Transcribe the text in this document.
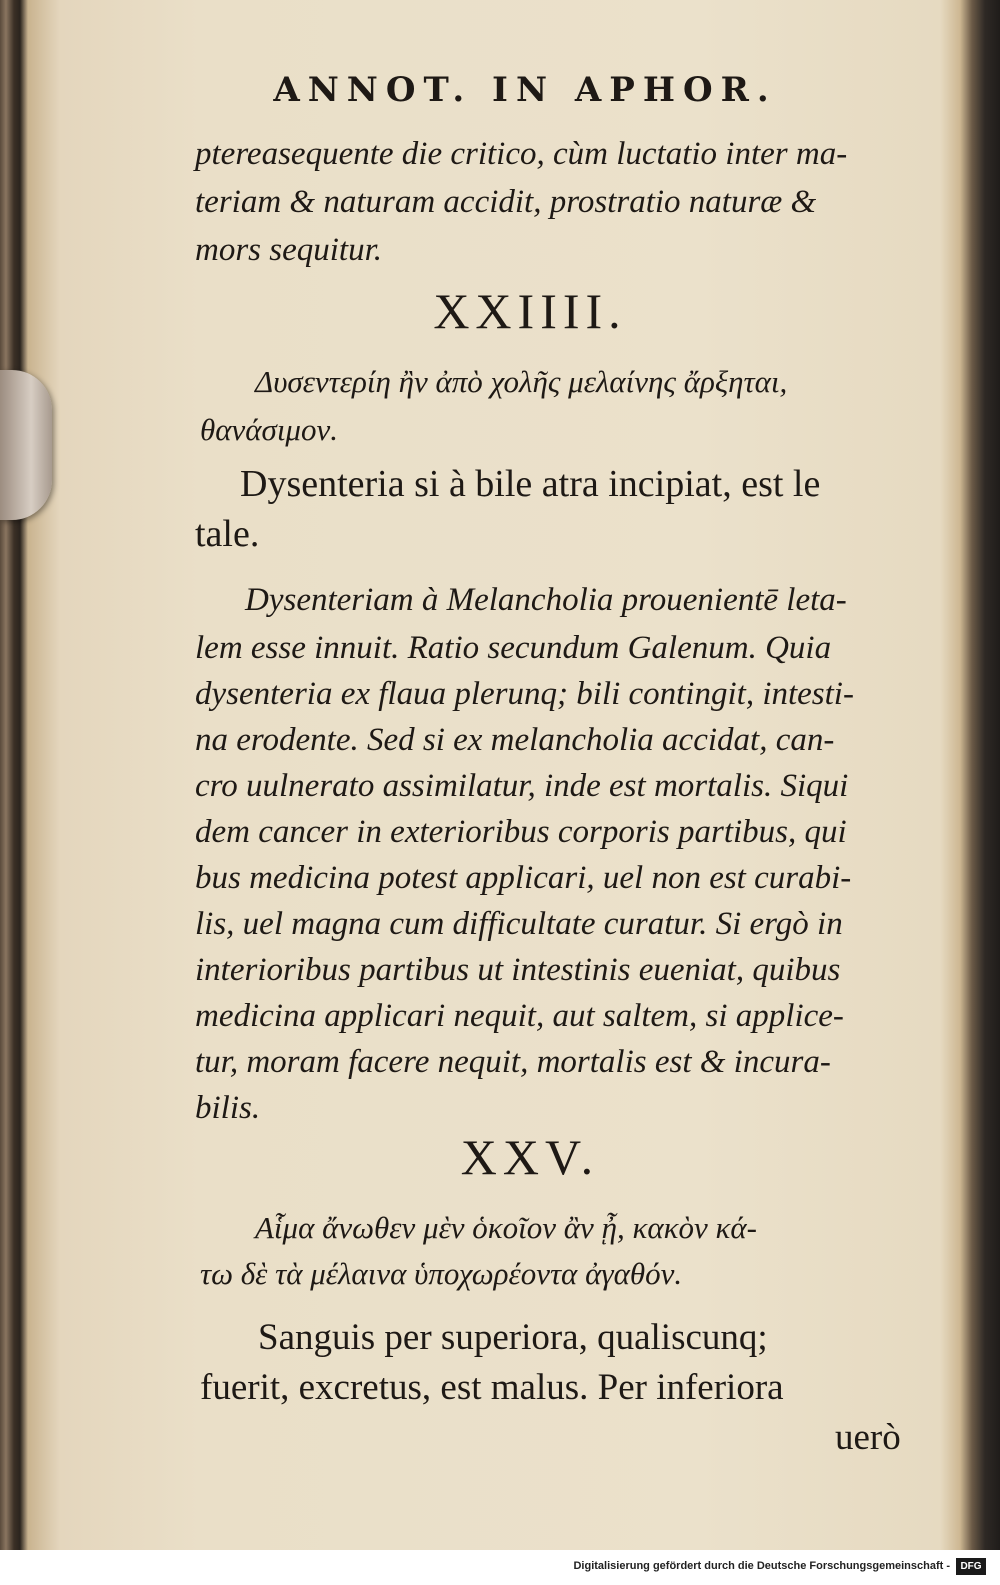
ANNOT. IN APHOR.
ptereasequente die critico, cùm luctatio inter ma-
teriam & naturam accidit, prostratio naturæ &
mors sequitur.
XXIIII.
Δυσεντερίη ἢν ἀπὸ χολῆς μελαίνης ἄρξηται,
θανάσιμον.
Dysenteria si à bile atra incipiat, est le
tale.
Dysenteriam à Melancholia prouenientē leta-
lem esse innuit. Ratio secundum Galenum. Quia
dysenteria ex flaua plerunq; bili contingit, intesti-
na erodente. Sed si ex melancholia accidat, can-
cro uulnerato assimilatur, inde est mortalis. Siqui
dem cancer in exterioribus corporis partibus, qui
bus medicina potest applicari, uel non est curabi-
lis, uel magna cum difficultate curatur. Si ergò in
interioribus partibus ut intestinis eueniat, quibus
medicina applicari nequit, aut saltem, si applice-
tur, moram facere nequit, mortalis est & incura-
bilis.
XXV.
Αἷμα ἄνωθεν μὲν ὁκοῖον ἂν ᾖ, κακὸν κά-
τω δὲ τὰ μέλαινα ὑποχωρέοντα ἀγαθόν.
Sanguis per superiora, qualiscunq;
fuerit, excretus, est malus. Per inferiora
uerò
Digitalisierung gefördert durch die Deutsche Forschungsgemeinschaft -	DFG
